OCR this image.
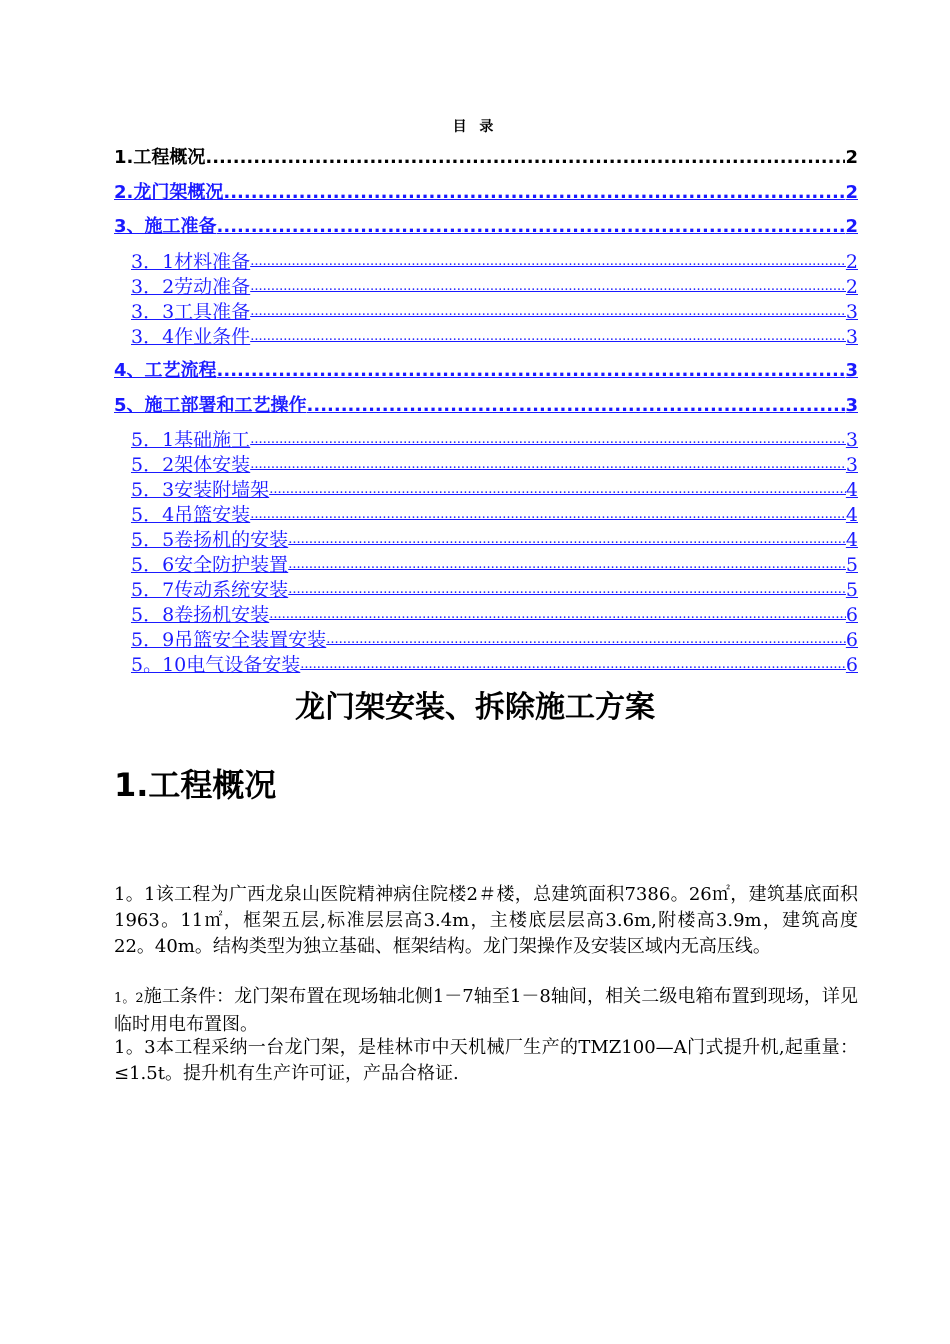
目 录
1.工程概况 .....	2
2.龙门架概况 .....	2
3、施工准备 .....	2
3．1材料准备 .....	2
3．2劳动准备 .....	2
3．3工具准备 .....	3
3．4作业条件 .....	3
4、工艺流程 .....	3
5、施工部署和工艺操作 .....	3
5．1基础施工 .....	3
5．2架体安装 .....	3
5．3安装附墙架 .....	4
5．4吊篮安装 .....	4
5．5卷扬机的安装 .....	4
5．6安全防护装置 .....	5
5．7传动系统安装 .....	5
5．8卷扬机安装 .....	6
5．9吊篮安全装置安装 .....	6
5。10电气设备安装 .....	6
龙门架安装、拆除施工方案
1.工程概况
1。1该工程为广西龙泉山医院精神病住院楼2＃楼，总建筑面积7386。26㎡，建筑基底面积1963。11㎡，框架五层,标准层层高3.4m，主楼底层层高3.6m,附楼高3.9m，建筑高度22。40m。结构类型为独立基础、框架结构。龙门架操作及安装区域内无高压线。
1。2施工条件：龙门架布置在现场轴北侧1－7轴至1－8轴间，相关二级电箱布置到现场，详见临时用电布置图。
1。3本工程采纳一台龙门架，是桂林市中天机械厂生产的TMZ100—A门式提升机,起重量：≤1.5t。提升机有生产许可证，产品合格证.
